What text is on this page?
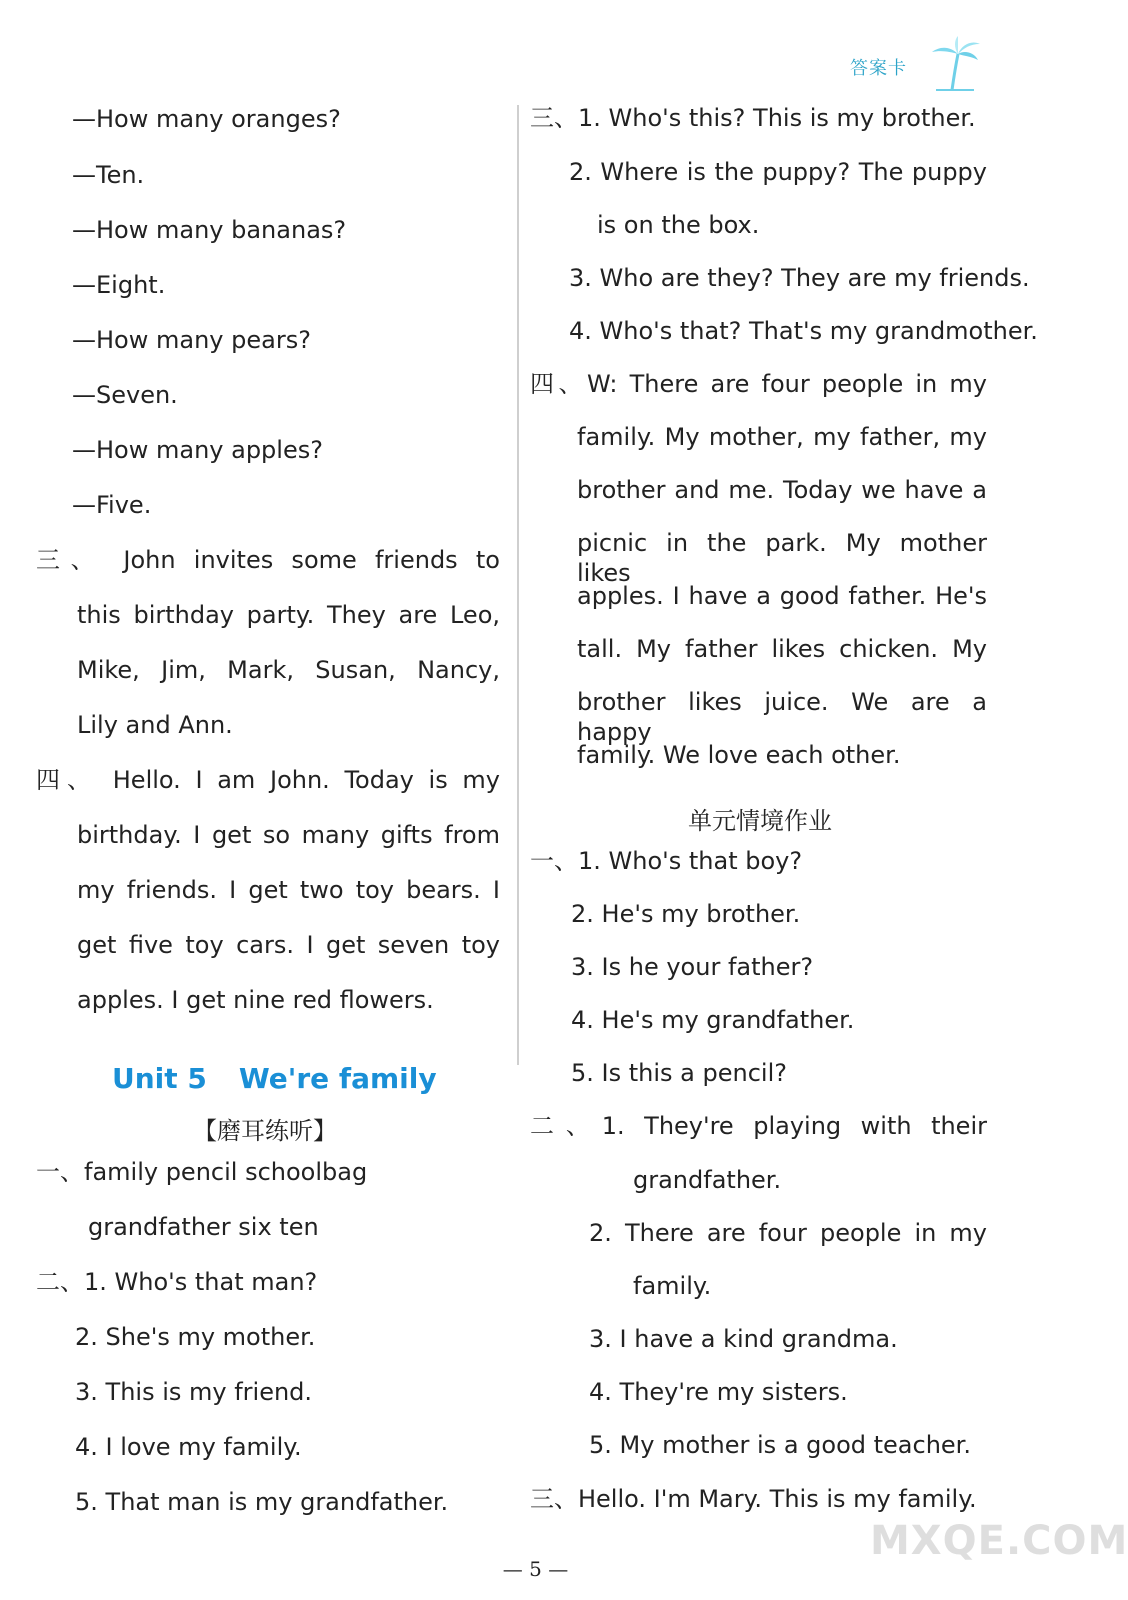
答案卡
—How many oranges?
—Ten.
—How many bananas?
—Eight.
—How many pears?
—Seven.
—How many apples?
—Five.
三、 John invites some friends to
this birthday party. They are Leo,
Mike, Jim, Mark, Susan, Nancy,
Lily and Ann.
四、 Hello. I am John. Today is my
birthday. I get so many gifts from
my friends. I get two toy bears. I
get five toy cars. I get seven toy
apples. I get nine red flowers.
Unit 5 We're family
【磨耳练听】
一、family pencil schoolbag
grandfather six ten
二、1. Who's that man?
2. She's my mother.
3. This is my friend.
4. I love my family.
5. That man is my grandfather.
三、1. Who's this? This is my brother.
2. Where is the puppy? The puppy
is on the box.
3. Who are they? They are my friends.
4. Who's that? That's my grandmother.
四、W: There are four people in my
family. My mother, my father, my
brother and me. Today we have a
picnic in the park. My mother likes
apples. I have a good father. He's
tall. My father likes chicken. My
brother likes juice. We are a happy
family. We love each other.
单元情境作业
一、1. Who's that boy?
2. He's my brother.
3. Is he your father?
4. He's my grandfather.
5. Is this a pencil?
二、1. They're playing with their
grandfather.
2. There are four people in my
family.
3. I have a kind grandma.
4. They're my sisters.
5. My mother is a good teacher.
三、Hello. I'm Mary. This is my family.
— 5 —
MXQE.COM
